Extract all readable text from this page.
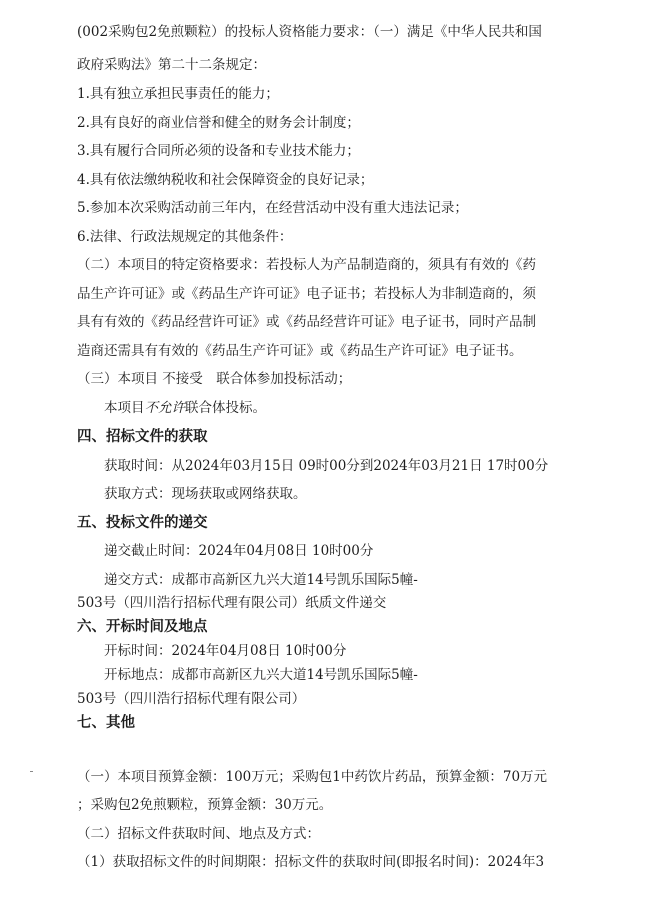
(002采购包2免煎颗粒）的投标人资格能力要求：（一）满足《中华人民共和国
政府采购法》第二十二条规定：
1.具有独立承担民事责任的能力；
2.具有良好的商业信誉和健全的财务会计制度；
3.具有履行合同所必须的设备和专业技术能力；
4.具有依法缴纳税收和社会保障资金的良好记录；
5.参加本次采购活动前三年内，在经营活动中没有重大违法记录；
6.法律、行政法规规定的其他条件：
（二）本项目的特定资格要求：若投标人为产品制造商的，须具有有效的《药
品生产许可证》或《药品生产许可证》电子证书；若投标人为非制造商的，须
具有有效的《药品经营许可证》或《药品经营许可证》电子证书，同时产品制
造商还需具有有效的《药品生产许可证》或《药品生产许可证》电子证书。
（三）本项目 不接受　联合体参加投标活动；
本项目不允许联合体投标。
四、招标文件的获取
获取时间：从2024年03月15日 09时00分到2024年03月21日 17时00分
获取方式：现场获取或网络获取。
五、投标文件的递交
递交截止时间：2024年04月08日 10时00分
递交方式：成都市高新区九兴大道14号凯乐国际5幢-
503号（四川浩行招标代理有限公司）纸质文件递交
六、开标时间及地点
开标时间：2024年04月08日 10时00分
开标地点：成都市高新区九兴大道14号凯乐国际5幢-
503号（四川浩行招标代理有限公司）
七、其他
（一）本项目预算金额：100万元；采购包1中药饮片药品，预算金额：70万元
；采购包2免煎颗粒，预算金额：30万元。
（二）招标文件获取时间、地点及方式：
（1）获取招标文件的时间期限：招标文件的获取时间(即报名时间)：2024年3
